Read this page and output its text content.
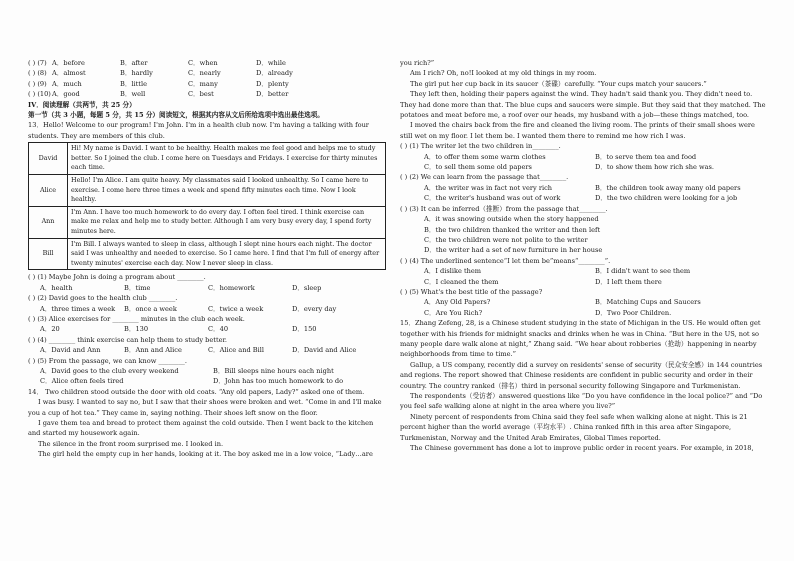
( ) (7) A．before	B．after	C．when	D．while
( ) (8) A．almost	B．hardly	C．nearly	D．already
( ) (9) A．much	B．little	C．many	D．plenty
( ) (10) A．good	B．well	C．best	D．better
IV．阅读理解（共两节，共 25 分）
第一节（共 3 小题，每题 5 分，共 15 分）阅读短文，根据其内容从文后所给选项中选出最佳选项。
13．Hello! Welcome to our program! I'm John. I'm in a health club now. I'm having a talking with four students. They are members of this club.
David	Hi! My name is David. I want to be healthy. Health makes me feel good and helps me to study better. So I joined the club. I come here on Tuesdays and Fridays. I exercise for thirty minutes each time.
Alice	Hello! I'm Alice. I am quite heavy. My classmates said I looked unhealthy. So I came here to exercise. I come here three times a week and spend fifty minutes each time. Now I look healthy.
Ann	I'm Ann. I have too much homework to do every day. I often feel tired. I think exercise can make me relax and help me to study better. Although I am very busy every day, I spend forty minutes here.
Bill	I'm Bill. I always wanted to sleep in class, although I slept nine hours each night. The doctor said I was unhealthy and needed to exercise. So I came here. I find that I'm full of energy after twenty minutes' exercise each day. Now I never sleep in class.
( ) (1) Maybe John is doing a program about ________.
A．health	B．time	C．homework	D．sleep
( ) (2) David goes to the health club ________.
A．three times a week	B．once a week	C．twice a week	D．every day
( ) (3) Alice exercises for ________ minutes in the club each week.
A．20	B．130	C．40	D．150
( ) (4) ________ think exercise can help them to study better.
A．David and Ann	B．Ann and Alice	C．Alice and Bill	D．David and Alice
( ) (5) From the passage, we can know ________.
A．David goes to the club every weekend	B．Bill sleeps nine hours each night
C．Alice often feels tired	D．John has too much homework to do
14． Two children stood outside the door with old coats. “Any old papers, Lady?” asked one of them.
I was busy. I wanted to say no, but I saw that their shoes were broken and wet. “Come in and I'll make you a cup of hot tea.” They came in, saying nothing. Their shoes left snow on the floor.
I gave them tea and bread to protect them against the cold outside. Then I went back to the kitchen and started my housework again.
The silence in the front room surprised me. I looked in.
The girl held the empty cup in her hands, looking at it. The boy asked me in a low voice, “Lady…are
you rich?”
Am I rich? Oh, no!I looked at my old things in my room.
The girl put her cup back in its saucer（茶碟）carefully. “Your cups match your saucers.”
They left then, holding their papers against the wind. They hadn't said thank you. They didn't need to. They had done more than that. The blue cups and saucers were simple. But they said that they matched. The potatoes and meat before me, a roof over our heads, my husband with a job—these things matched, too.
I moved the chairs back from the fire and cleaned the living room. The prints of their small shoes were still wet on my floor. I let them be. I wanted them there to remind me how rich I was.
( ) (1) The writer let the two children in________.
A．to offer them some warm clothes	B．to serve them tea and food
C．to sell them some old papers	D．to show them how rich she was.
( ) (2) We can learn from the passage that________.
A．the writer was in fact not very rich	B．the children took away many old papers
C．the writer's husband was out of work	D．the two children were looking for a job
( ) (3) It can be inferred（推断）from the passage that________.
A．it was snowing outside when the story happened
B．the two children thanked the writer and then left
C．the two children were not polite to the writer
D．the writer had a set of new furniture in her house
( ) (4) The underlined sentence“I let them be”means“________”.
A．I dislike them	B．I didn't want to see them
C．I cleaned the them	D．I left them there
( ) (5) What's the best title of the passage?
A．Any Old Papers?	B．Matching Cups and Saucers
C．Are You Rich?	D．Two Poor Children.
15．Zhang Zefeng, 28, is a Chinese student studying in the state of Michigan in the US. He would often get together with his friends for midnight snacks and drinks when he was in China. “But here in the US, not so many people dare walk alone at night,” Zhang said. “We hear about robberies（抢劫）happening in nearby neighborhoods from time to time.”
Gallup, a US company, recently did a survey on residents' sense of security（民众安全感）in 144 countries and regions. The report showed that Chinese residents are confident in public security and order in their country. The country ranked（排名）third in personal security following Singapore and Turkmenistan.
The respondents（受访者）answered questions like “Do you have confidence in the local police?” and “Do you feel safe walking alone at night in the area where you live?”
Ninety percent of respondents from China said they feel safe when walking alone at night. This is 21 percent higher than the world average（平均水平）. China ranked fifth in this area after Singapore, Turkmenistan, Norway and the United Arab Emirates, Global Times reported.
The Chinese government has done a lot to improve public order in recent years. For example, in 2018,
